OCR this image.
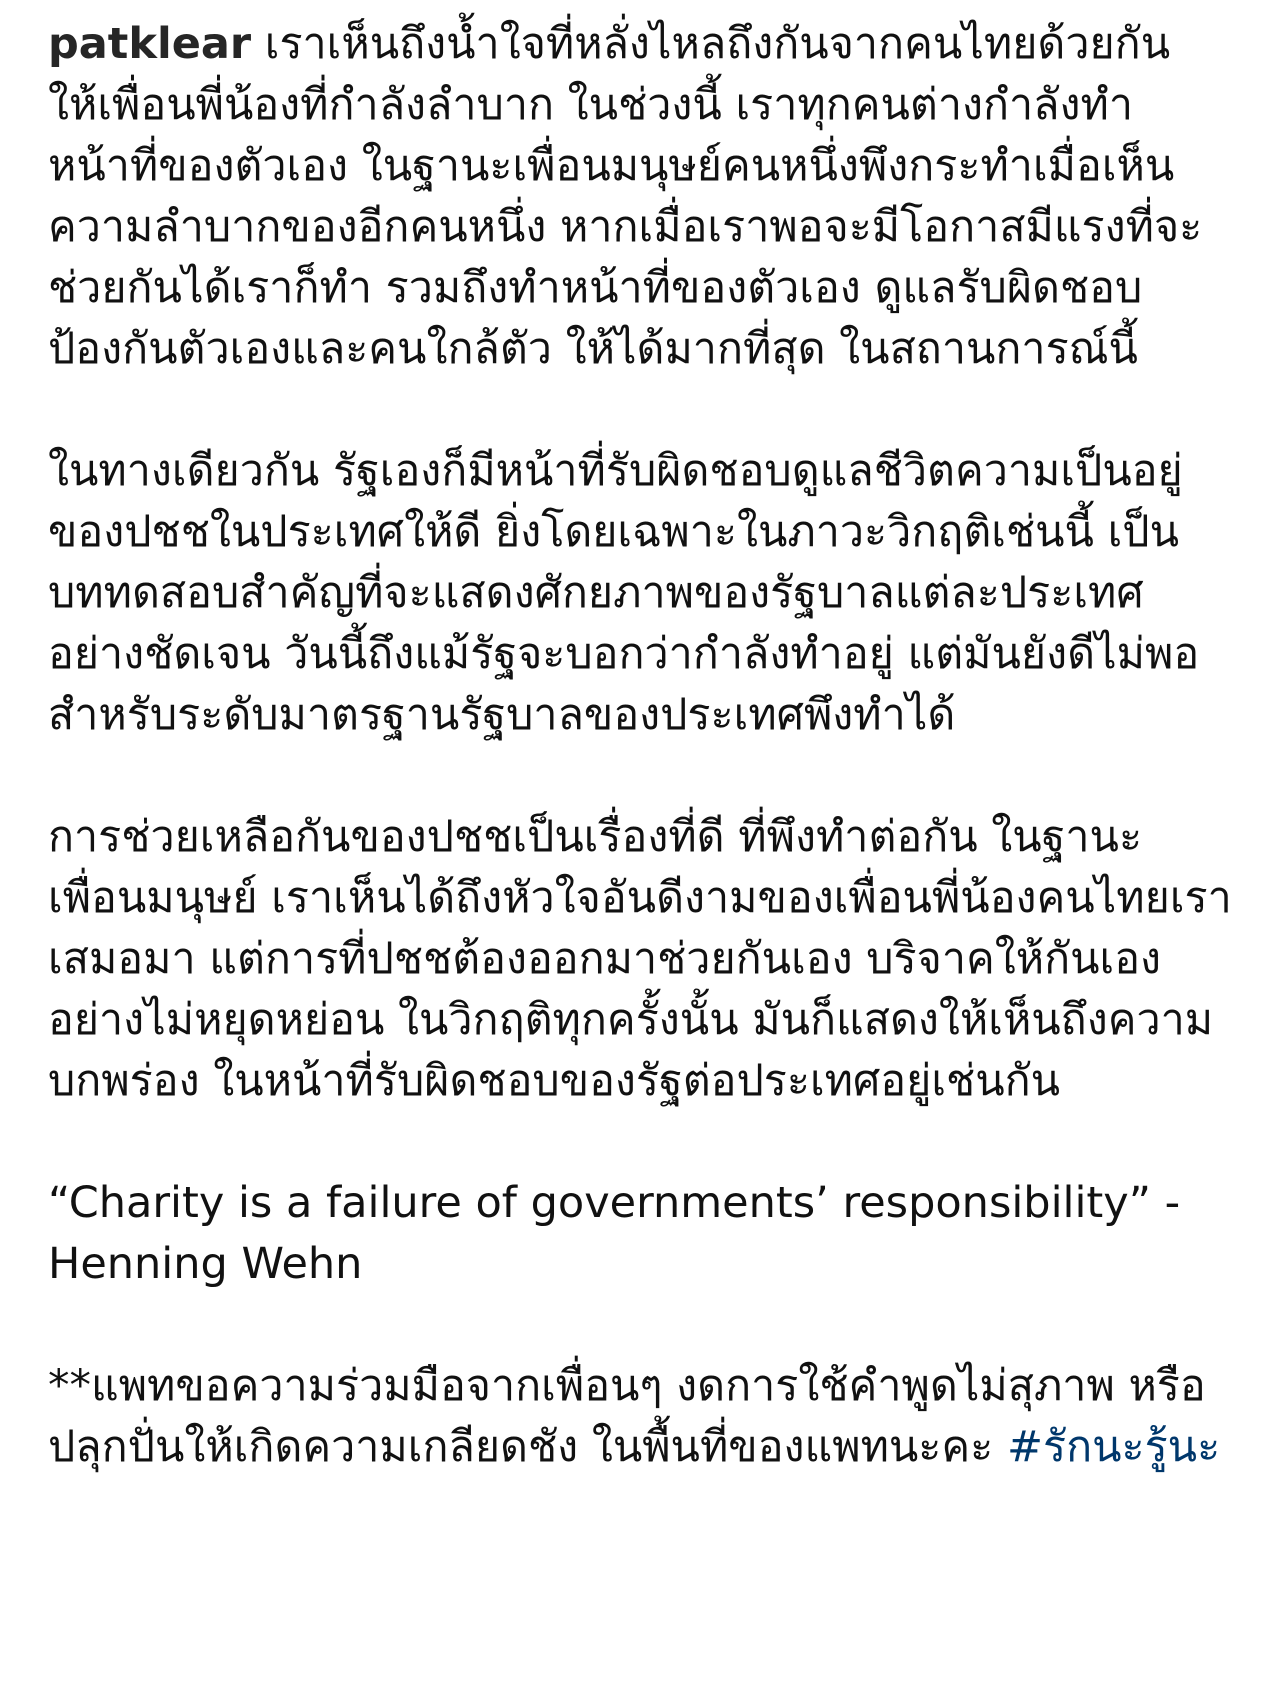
patklear เราเห็นถึงน้ำใจที่หลั่งไหลถึงกันจากคนไทยด้วยกัน ให้เพื่อนพี่น้องที่กำลังลำบาก ในช่วงนี้ เราทุกคนต่างกำลังทำหน้าที่ของตัวเอง ในฐานะเพื่อนมนุษย์คนหนึ่งพึงกระทำเมื่อเห็นความลำบากของอีกคนหนึ่ง หากเมื่อเราพอจะมีโอกาสมีแรงที่จะช่วยกันได้เราก็ทำ รวมถึงทำหน้าที่ของตัวเอง ดูแลรับผิดชอบ ป้องกันตัวเองและคนใกล้ตัว ให้ได้มากที่สุด ในสถานการณ์นี้

ในทางเดียวกัน รัฐเองก็มีหน้าที่รับผิดชอบดูแลชีวิตความเป็นอยู่ของปชชในประเทศให้ดี ยิ่งโดยเฉพาะในภาวะวิกฤติเช่นนี้ เป็นบททดสอบสำคัญที่จะแสดงศักยภาพของรัฐบาลแต่ละประเทศอย่างชัดเจน วันนี้ถึงแม้รัฐจะบอกว่ากำลังทำอยู่ แต่มันยังดีไม่พอ สำหรับระดับมาตรฐานรัฐบาลของประเทศพึงทำได้

การช่วยเหลือกันของปชชเป็นเรื่องที่ดี ที่พึงทำต่อกัน ในฐานะเพื่อนมนุษย์ เราเห็นได้ถึงหัวใจอันดีงามของเพื่อนพี่น้องคนไทยเราเสมอมา แต่การที่ปชชต้องออกมาช่วยกันเอง บริจาคให้กันเองอย่างไม่หยุดหย่อน ในวิกฤติทุกครั้งนั้น มันก็แสดงให้เห็นถึงความบกพร่อง ในหน้าที่รับผิดชอบของรัฐต่อประเทศอยู่เช่นกัน

“Charity is a failure of governments’ responsibility” - Henning Wehn

**แพทขอความร่วมมือจากเพื่อนๆ งดการใช้คำพูดไม่สุภาพ หรือ ปลุกปั่นให้เกิดความเกลียดชัง ในพื้นที่ของแพทนะคะ #รักนะรู้นะ
